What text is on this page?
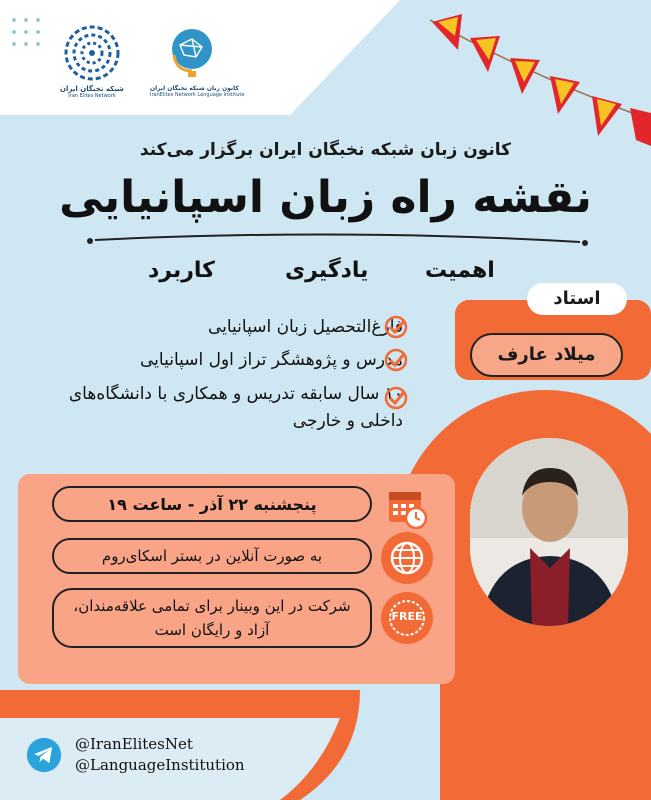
شبکه نخبگان ایران
Iran Elites Network
کانون زبان شبکه نخبگان ایران
IranElites Network Language Institute
کانون زبان شبکه نخبگان ایران برگزار می‌کند
نقشه راه زبان اسپانیایی
اهمیت
یادگیری
کاربرد
فارغ‌التحصیل زبان اسپانیایی
مدرس و پژوهشگر تراز اول اسپانیایی
۱۰ سال سابقه تدریس و همکاری با دانشگاه‌های داخلی و خارجی
استاد
میلاد عارف
پنجشنبه ۲۲ آذر - ساعت ۱۹
به صورت آنلاین در بستر اسکای‌روم
شرکت در این وبینار برای تمامی علاقه‌مندان، آزاد و رایگان است
FREE
@IranElitesNet
@LanguageInstitution
